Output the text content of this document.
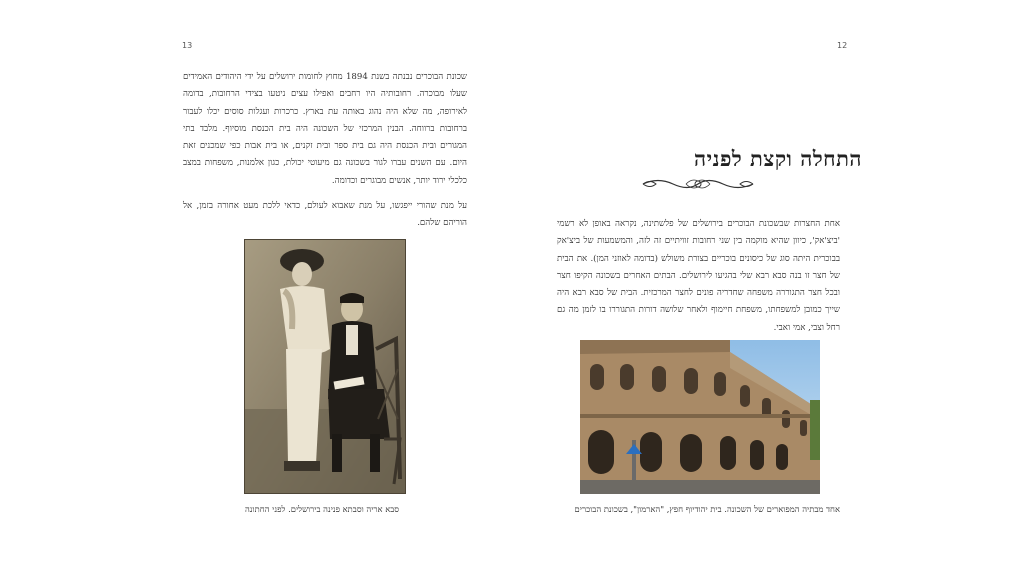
13

שכונת הבוכרים נבנתה בשנת 1894 מחוץ לחומות ירושלים על ידי היהודים האמידים שעלו מבוכרה. רחובותיה היו רחבים ואפילו עצים ניטעו בצידי הרחובות, בדומה לאירופה, מה שלא היה נהוג באותה עת בארץ. כרכרות ועגלות סוסים יכלו לעבור ברחובות ברווחה. הבנין המרכזי של השכונה היה בית הכנסת מוסיוף. מלבד בתי המגורים ובית הכנסת היה גם בית ספר ובית זקנים, או בית אבות כפי שמכנים זאת היום. עם השנים עברו לגור בשכונה גם מיעוטי יכולת, כגון אלמנות, משפחות במצב כלכלי ירוד יותר, אנשים מבוגרים וכדומה.

על מנת שהורי ייפגשו, על מנת שאבוא לעולם, כדאי ללכת מעט אחורה בזמן, אל הוריהם שלהם.

סבא אריה וסבתא פנינה בירושלים. לפני החתונה
12
התחלה וקצת לפניה

אחת החצרות שבשכונת הבוכרים בירושלים של פלשתינה, נקראה באופן לא רשמי 'ביצ'אק', כיוון שהיא מוקמה בין שני רחובות זוויתיים זה לזה, והמשמעות של ביצ'אק בבוכרית היתה סוג של כיסונים בוכריים בצורת משולש (בדומה לאוזני המן). את הבית של חצר זו בנה סבא רבא שלי בהגיעו לירושלים. הבתים האחרים בשכונה הקיפו חצר ובכל חצר התגוררה משפחה שחדריה פונים לחצר המרכזית. הבית של סבא רבא היה שייך כמובן למשפחתו, משפחת חיימוף ולאחר שלושה דורות התגוררו בו לזמן מה גם רחל וצבי, אמי ואבי.

אחד מבתיה המפוארים של השכונה. בית יהודיוף חפץ, "הארמון", בשכונת הבוכרים
